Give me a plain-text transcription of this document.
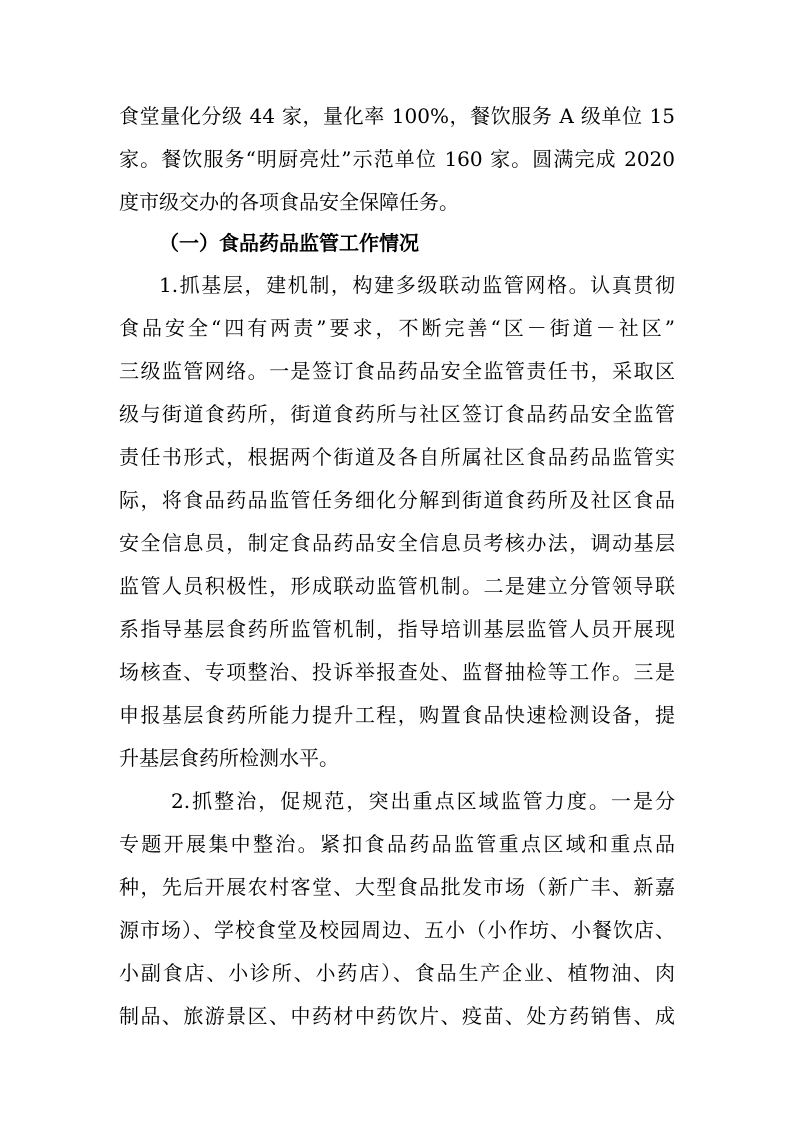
食堂量化分级 44 家，量化率 100%，餐饮服务 A 级单位 15
家。餐饮服务“明厨亮灶”示范单位 160 家。圆满完成 2020
度市级交办的各项食品安全保障任务。
（一）食品药品监管工作情况
1.抓基层，建机制，构建多级联动监管网格。认真贯彻
食品安全“四有两责”要求，不断完善“区－街道－社区”
三级监管网络。一是签订食品药品安全监管责任书，采取区
级与街道食药所，街道食药所与社区签订食品药品安全监管
责任书形式，根据两个街道及各自所属社区食品药品监管实
际，将食品药品监管任务细化分解到街道食药所及社区食品
安全信息员，制定食品药品安全信息员考核办法，调动基层
监管人员积极性，形成联动监管机制。二是建立分管领导联
系指导基层食药所监管机制，指导培训基层监管人员开展现
场核查、专项整治、投诉举报查处、监督抽检等工作。三是
申报基层食药所能力提升工程，购置食品快速检测设备，提
升基层食药所检测水平。
2.抓整治，促规范，突出重点区域监管力度。一是分
专题开展集中整治。紧扣食品药品监管重点区域和重点品
种，先后开展农村客堂、大型食品批发市场（新广丰、新嘉
源市场）、学校食堂及校园周边、五小（小作坊、小餐饮店、
小副食店、小诊所、小药店）、食品生产企业、植物油、肉
制品、旅游景区、中药材中药饮片、疫苗、处方药销售、成
